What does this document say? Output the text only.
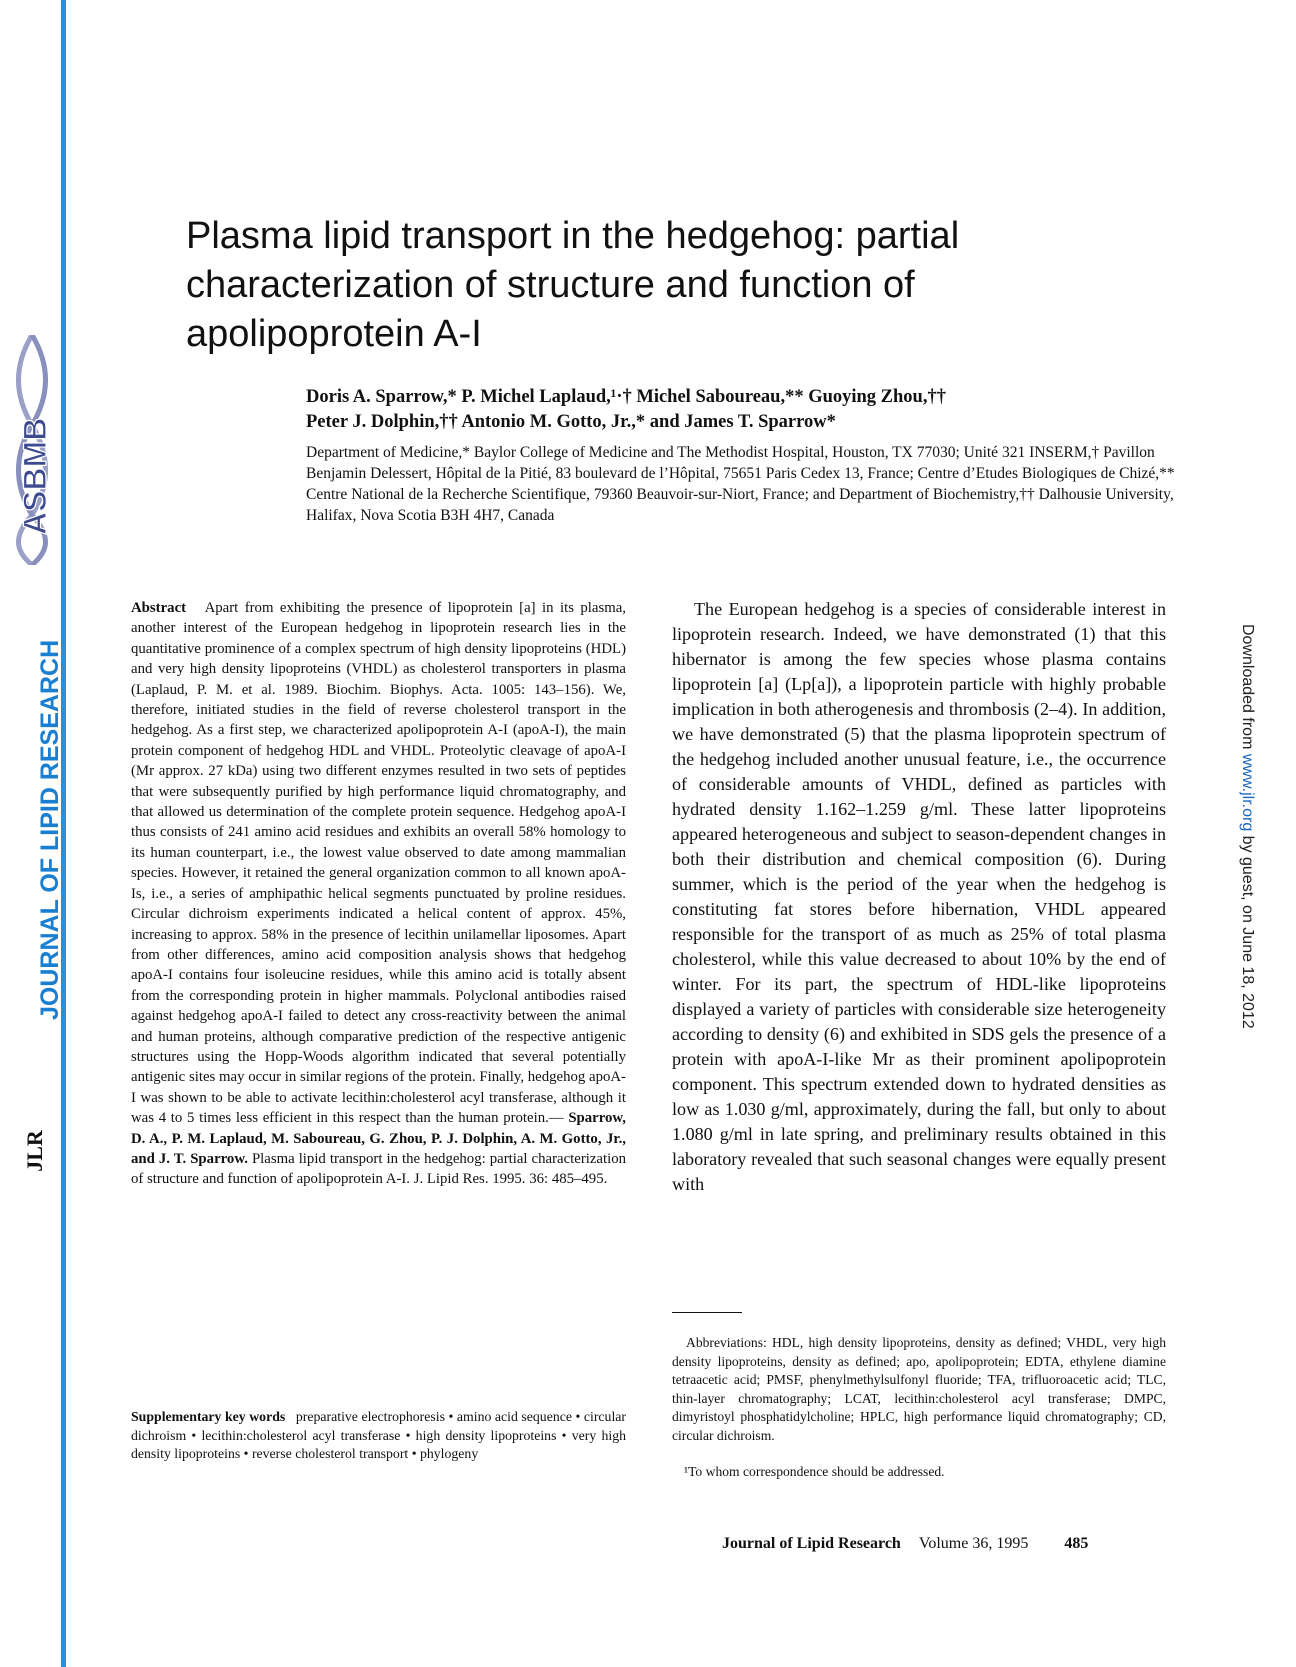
ASBMB
JOURNAL OF LIPID RESEARCH
JLR
Downloaded from www.jlr.org by guest, on June 18, 2012
Plasma lipid transport in the hedgehog: partial characterization of structure and function of apolipoprotein A-I
Doris A. Sparrow,* P. Michel Laplaud,¹·† Michel Saboureau,** Guoying Zhou,††
Peter J. Dolphin,†† Antonio M. Gotto, Jr.,* and James T. Sparrow*
Department of Medicine,* Baylor College of Medicine and The Methodist Hospital, Houston, TX 77030; Unité 321 INSERM,† Pavillon Benjamin Delessert, Hôpital de la Pitié, 83 boulevard de l’Hôpital, 75651 Paris Cedex 13, France; Centre d’Etudes Biologiques de Chizé,** Centre National de la Recherche Scientifique, 79360 Beauvoir-sur-Niort, France; and Department of Biochemistry,†† Dalhousie University, Halifax, Nova Scotia B3H 4H7, Canada
Abstract Apart from exhibiting the presence of lipoprotein [a] in its plasma, another interest of the European hedgehog in lipoprotein research lies in the quantitative prominence of a complex spectrum of high density lipoproteins (HDL) and very high density lipoproteins (VHDL) as cholesterol transporters in plasma (Laplaud, P. M. et al. 1989. Biochim. Biophys. Acta. 1005: 143–156). We, therefore, initiated studies in the field of reverse cholesterol transport in the hedgehog. As a first step, we characterized apolipoprotein A-I (apoA-I), the main protein component of hedgehog HDL and VHDL. Proteolytic cleavage of apoA-I (Mr approx. 27 kDa) using two different enzymes resulted in two sets of peptides that were subsequently purified by high performance liquid chromatography, and that allowed us determination of the complete protein sequence. Hedgehog apoA-I thus consists of 241 amino acid residues and exhibits an overall 58% homology to its human counterpart, i.e., the lowest value observed to date among mammalian species. However, it retained the general organization common to all known apoA-Is, i.e., a series of amphipathic helical segments punctuated by proline residues. Circular dichroism experiments indicated a helical content of approx. 45%, increasing to approx. 58% in the presence of lecithin unilamellar liposomes. Apart from other differences, amino acid composition analysis shows that hedgehog apoA-I contains four isoleucine residues, while this amino acid is totally absent from the corresponding protein in higher mammals. Polyclonal antibodies raised against hedgehog apoA-I failed to detect any cross-reactivity between the animal and human proteins, although comparative prediction of the respective antigenic structures using the Hopp-Woods algorithm indicated that several potentially antigenic sites may occur in similar regions of the protein. Finally, hedgehog apoA-I was shown to be able to activate lecithin:cholesterol acyl transferase, although it was 4 to 5 times less efficient in this respect than the human protein.— Sparrow, D. A., P. M. Laplaud, M. Saboureau, G. Zhou, P. J. Dolphin, A. M. Gotto, Jr., and J. T. Sparrow. Plasma lipid transport in the hedgehog: partial characterization of structure and function of apolipoprotein A-I. J. Lipid Res. 1995. 36: 485–495.
Supplementary key words preparative electrophoresis • amino acid sequence • circular dichroism • lecithin:cholesterol acyl transferase • high density lipoproteins • very high density lipoproteins • reverse cholesterol transport • phylogeny
The European hedgehog is a species of considerable interest in lipoprotein research. Indeed, we have demonstrated (1) that this hibernator is among the few species whose plasma contains lipoprotein [a] (Lp[a]), a lipoprotein particle with highly probable implication in both atherogenesis and thrombosis (2–4). In addition, we have demonstrated (5) that the plasma lipoprotein spectrum of the hedgehog included another unusual feature, i.e., the occurrence of considerable amounts of VHDL, defined as particles with hydrated density 1.162–1.259 g/ml. These latter lipoproteins appeared heterogeneous and subject to season-dependent changes in both their distribution and chemical composition (6). During summer, which is the period of the year when the hedgehog is constituting fat stores before hibernation, VHDL appeared responsible for the transport of as much as 25% of total plasma cholesterol, while this value decreased to about 10% by the end of winter. For its part, the spectrum of HDL-like lipoproteins displayed a variety of particles with considerable size heterogeneity according to density (6) and exhibited in SDS gels the presence of a protein with apoA-I-like Mr as their prominent apolipoprotein component. This spectrum extended down to hydrated densities as low as 1.030 g/ml, approximately, during the fall, but only to about 1.080 g/ml in late spring, and preliminary results obtained in this laboratory revealed that such seasonal changes were equally present with
Abbreviations: HDL, high density lipoproteins, density as defined; VHDL, very high density lipoproteins, density as defined; apo, apolipoprotein; EDTA, ethylene diamine tetraacetic acid; PMSF, phenylmethylsulfonyl fluoride; TFA, trifluoroacetic acid; TLC, thin-layer chromatography; LCAT, lecithin:cholesterol acyl transferase; DMPC, dimyristoyl phosphatidylcholine; HPLC, high performance liquid chromatography; CD, circular dichroism.
¹To whom correspondence should be addressed.
Journal of Lipid Research Volume 36, 1995 485
